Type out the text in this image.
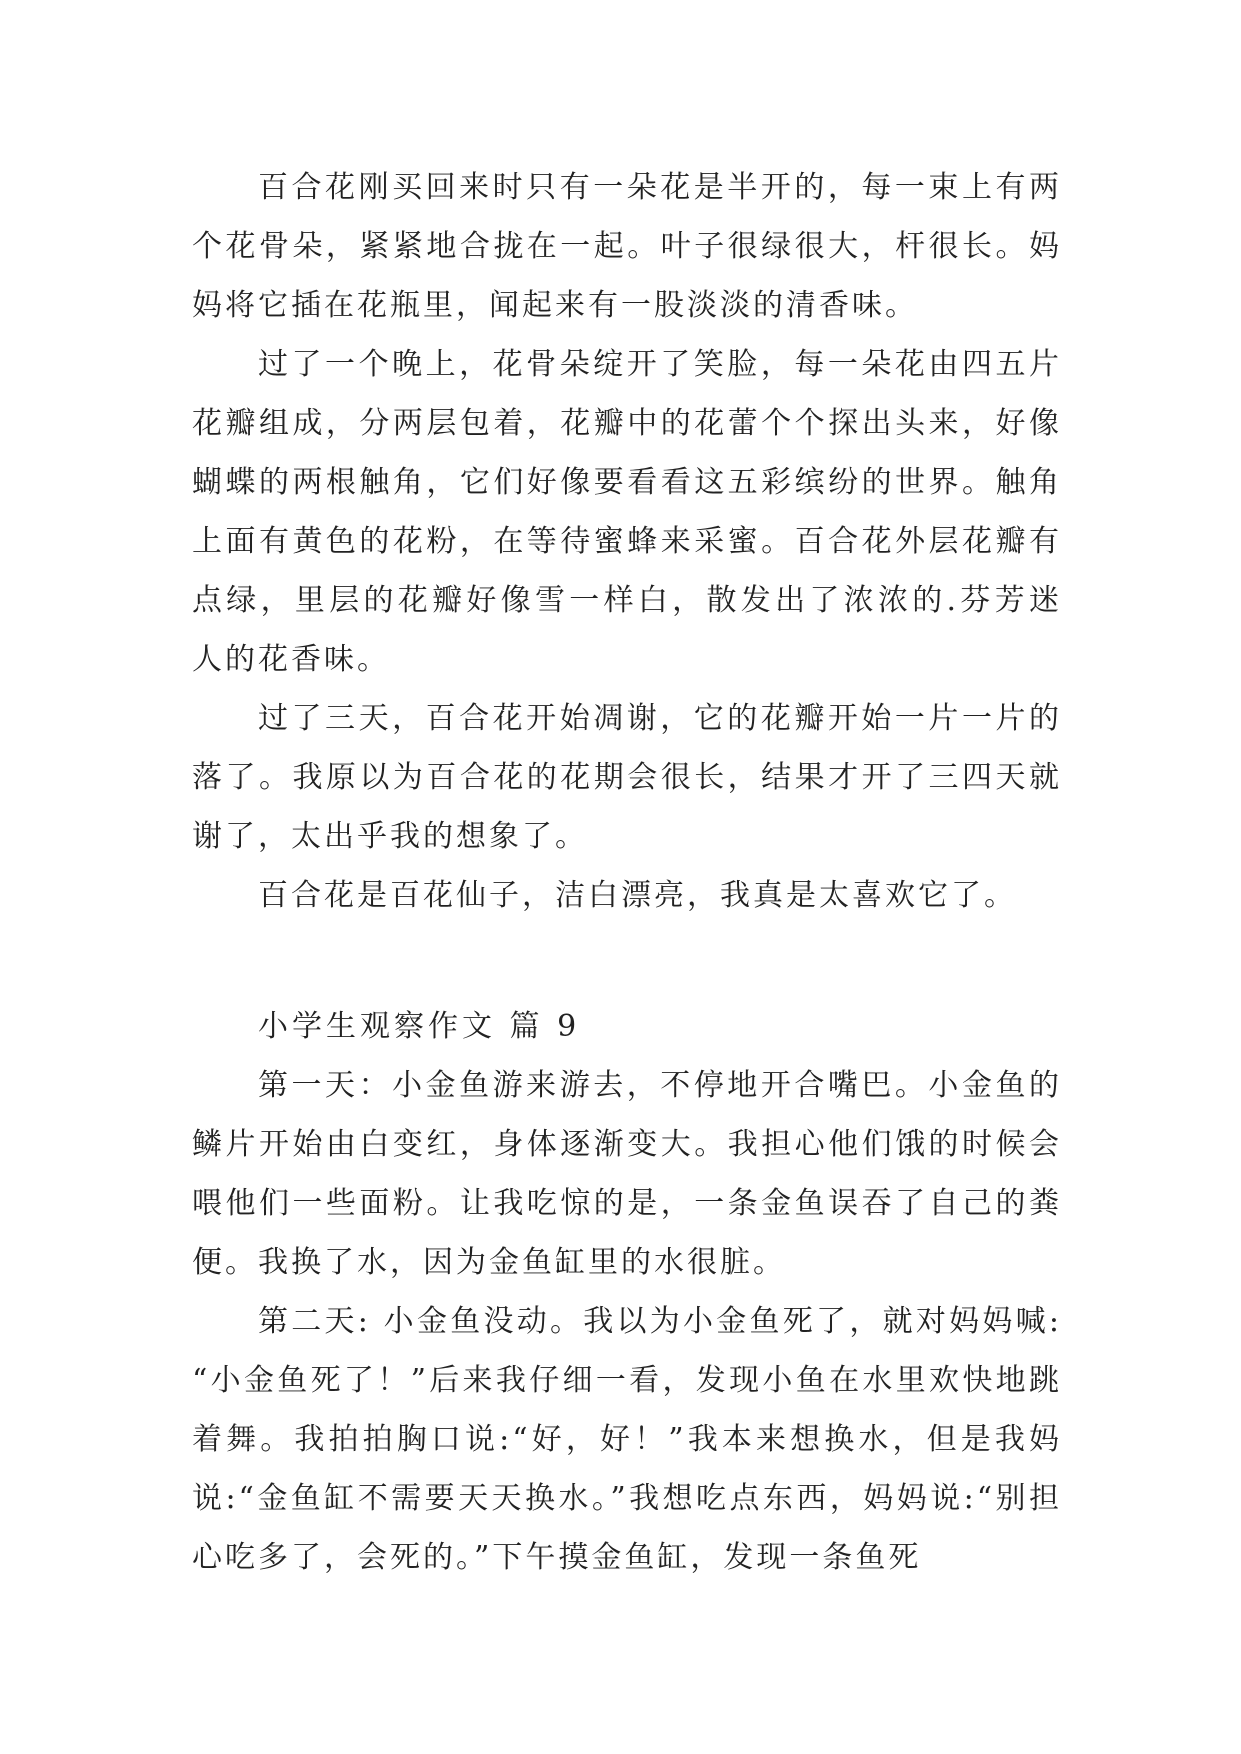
百合花刚买回来时只有一朵花是半开的，每一束上有两个花骨朵，紧紧地合拢在一起。叶子很绿很大，杆很长。妈妈将它插在花瓶里，闻起来有一股淡淡的清香味。

过了一个晚上，花骨朵绽开了笑脸，每一朵花由四五片花瓣组成，分两层包着，花瓣中的花蕾个个探出头来，好像蝴蝶的两根触角，它们好像要看看这五彩缤纷的世界。触角上面有黄色的花粉，在等待蜜蜂来采蜜。百合花外层花瓣有点绿，里层的花瓣好像雪一样白，散发出了浓浓的.芬芳迷人的花香味。

过了三天，百合花开始凋谢，它的花瓣开始一片一片的落了。我原以为百合花的花期会很长，结果才开了三四天就谢了，太出乎我的想象了。

百合花是百花仙子，洁白漂亮，我真是太喜欢它了。

小学生观察作文 篇 9

第一天：小金鱼游来游去，不停地开合嘴巴。小金鱼的鳞片开始由白变红，身体逐渐变大。我担心他们饿的时候会喂他们一些面粉。让我吃惊的是，一条金鱼误吞了自己的粪便。我换了水，因为金鱼缸里的水很脏。

第二天: 小金鱼没动。我以为小金鱼死了，就对妈妈喊: “小金鱼死了！”后来我仔细一看，发现小鱼在水里欢快地跳着舞。我拍拍胸口说:“好，好！”我本来想换水，但是我妈说:“金鱼缸不需要天天换水。”我想吃点东西，妈妈说:“别担心吃多了，会死的。”下午摸金鱼缸，发现一条鱼死
